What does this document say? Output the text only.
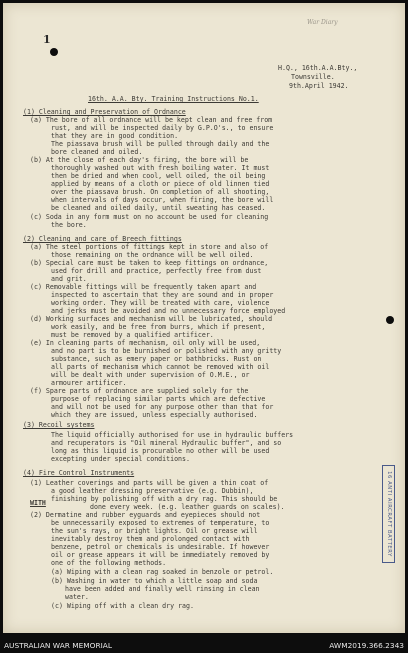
War Diary
1
H.Q., 16th.A.A.Bty.,
Townsville.
9th.April 1942.
16th. A.A. Bty. Training Instructions No.1.
(1) Cleaning and Preservation of Ordnance
(a) The bore of all ordnance will be kept clean and free from
rust, and will be inspected daily by G.P.O's., to ensure
that they are in good condition.
The piassava brush will be pulled through daily and the
bore cleaned and oiled.
(b) At the close of each day's firing, the bore will be
thoroughly washed out with fresh boiling water. It must
then be dried and when cool, well oiled, the oil being
applied by means of a cloth or piece of old linnen tied
over the piassava brush. On completion of all shooting,
when intervals of days occur, when firing, the bore will
be cleaned and oiled daily, until sweating has ceased.
(c) Soda in any form must on no account be used for cleaning
the bore.
(2) Cleaning and care of Breech fittings
(a) The steel portions of fittings kept in store and also of
those remaining on the ordnance will be well oiled.
(b) Special care must be taken to keep fittings on ordnance,
used for drill and practice, perfectly free from dust
and grit.
(c) Removable fittings will be frequently taken apart and
inspected to ascertain that they are sound and in proper
working order. They will be treated with care, violence
and jerks must be avoided and no unnecessary force employed
(d) Working surfaces and mechanism will be lubricated, should
work easily, and be free from burrs, which if present,
must be removed by a qualified artificer.
(e) In cleaning parts of mechanism, oil only will be used,
and no part is to be burnished or polished with any gritty
substance, such as emery paper or bathbricks. Rust on
all parts of mechanism which cannot be removed with oil
will be dealt with under supervision of O.M.E., or
armourer artificer.
(f) Spare parts of ordnance are supplied solely for the
purpose of replacing similar parts which are defective
and will not be used for any purpose other than that for
which they are issued, unless especially authorised.
(3) Recoil systems
The liquid officially authorised for use in hydraulic buffers
and recuperators is "Oil mineral Hydraulic buffer", and so
long as this liquid is procurable no other will be used
excepting under special conditions.
(4) Fire Control Instruments
(1) Leather coverings and parts will be given a thin coat of
a good leather dressing preservative (e.g. Dubbin),
finishing by polishing off with a dry rag. This should be
done every week. (e.g. leather guards on scales).
WITH
(2) Dermatine and rubber eyguards and eyepieces should not
be unnecessarily exposed to extremes of temperature, to
the sun's rays, or bright lights. Oil or grease will
inevitably destroy them and prolonged contact with
benzene, petrol or chemicals is undesirable. If however
oil or grease appears it will be immediately removed by
one of the following methods.
(a) Wiping with a clean rag soaked in benzole or petrol.
(b) Washing in water to which a little soap and soda
have been added and finally well rinsing in clean
water.
(c) Wiping off with a clean dry rag.
16 ANTI AIRCRAFT BATTERY
AUSTRALIAN WAR MEMORIAL	AWM2019.366.2343
